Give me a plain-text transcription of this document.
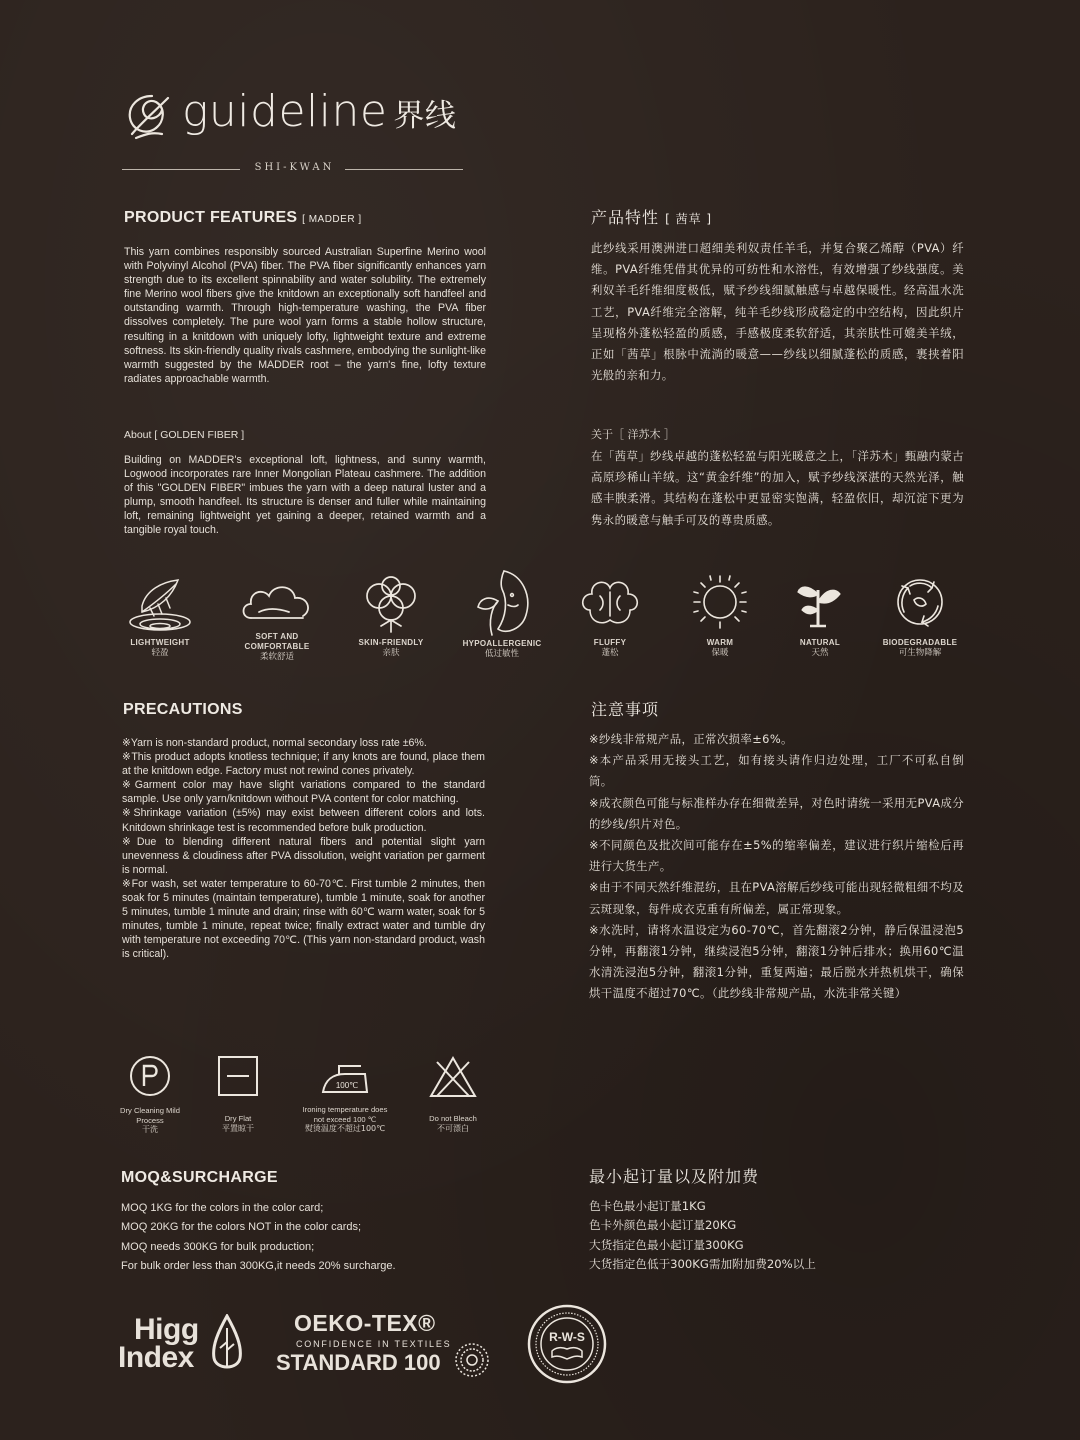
guideline 界线
SHI-KWAN
PRODUCT FEATURES [ MADDER ]	产品特性 [ 茜草 ]
This yarn combines responsibly sourced Australian Superfine Merino wool with Polyvinyl Alcohol (PVA) fiber. The PVA fiber significantly enhances yarn strength due to its excellent spinnability and water solubility. The extremely fine Merino wool fibers give the knitdown an exceptionally soft handfeel and outstanding warmth. Through high-temperature washing, the PVA fiber dissolves completely. The pure wool yarn forms a stable hollow structure, resulting in a knitdown with uniquely lofty, lightweight texture and extreme softness. Its skin-friendly quality rivals cashmere, embodying the sunlight-like warmth suggested by the MADDER root – the yarn's fine, lofty texture radiates approachable warmth.
此纱线采用澳洲进口超细美利奴责任羊毛，并复合聚乙烯醇（PVA）纤维。PVA纤维凭借其优异的可纺性和水溶性，有效增强了纱线强度。美利奴羊毛纤维细度极低，赋予纱线细腻触感与卓越保暖性。经高温水洗工艺，PVA纤维完全溶解，纯羊毛纱线形成稳定的中空结构，因此织片呈现格外蓬松轻盈的质感，手感极度柔软舒适，其亲肤性可媲美羊绒，正如「茜草」根脉中流淌的暖意——纱线以细腻蓬松的质感，裹挟着阳光般的亲和力。
About [ GOLDEN FIBER ]	关于［ 洋苏木 ］
Building on MADDER's exceptional loft, lightness, and sunny warmth, Logwood incorporates rare Inner Mongolian Plateau cashmere. The addition of this "GOLDEN FIBER" imbues the yarn with a deep natural luster and a plump, smooth handfeel. Its structure is denser and fuller while maintaining loft, remaining lightweight yet gaining a deeper, retained warmth and a tangible royal touch.
在「茜草」纱线卓越的蓬松轻盈与阳光暖意之上，「洋苏木」甄融内蒙古高原珍稀山羊绒。这“黄金纤维”的加入，赋予纱线深湛的天然光泽，触感丰腴柔滑。其结构在蓬松中更显密实饱满，轻盈依旧，却沉淀下更为隽永的暖意与触手可及的尊贵质感。
LIGHTWEIGHT
轻盈
SOFT AND COMFORTABLE
柔软舒适
SKIN-FRIENDLY
亲肤
HYPOALLERGENIC
低过敏性
FLUFFY
蓬松
WARM
保暖
NATURAL
天然
BIODEGRADABLE
可生物降解
PRECAUTIONS	注意事项
※Yarn is non-standard product, normal secondary loss rate ±6%.
※This product adopts knotless technique; if any knots are found, place them at the knitdown edge. Factory must not rewind cones privately.
※Garment color may have slight variations compared to the standard sample. Use only yarn/knitdown without PVA content for color matching.
※Shrinkage variation (±5%) may exist between different colors and lots. Knitdown shrinkage test is recommended before bulk production.
※Due to blending different natural fibers and potential slight yarn unevenness & cloudiness after PVA dissolution, weight variation per garment is normal.
※For wash, set water temperature to 60-70℃. First tumble 2 minutes, then soak for 5 minutes (maintain temperature), tumble 1 minute, soak for another 5 minutes, tumble 1 minute and drain; rinse with 60℃ warm water, soak for 5 minutes, tumble 1 minute, repeat twice; finally extract water and tumble dry with temperature not exceeding 70℃. (This yarn non-standard product, wash is critical).
※纱线非常规产品，正常次损率±6%。
※本产品采用无接头工艺，如有接头请作归边处理，工厂不可私自倒筒。
※成衣颜色可能与标准样办存在细微差异，对色时请统一采用无PVA成分的纱线/织片对色。
※不同颜色及批次间可能存在±5%的缩率偏差，建议进行织片缩检后再进行大货生产。
※由于不同天然纤维混纺，且在PVA溶解后纱线可能出现轻微粗细不均及云斑现象，每件成衣克重有所偏差，属正常现象。
※水洗时，请将水温设定为60-70℃，首先翻滚2分钟，静后保温浸泡5分钟，再翻滚1分钟，继续浸泡5分钟，翻滚1分钟后排水；换用60℃温水清洗浸泡5分钟，翻滚1分钟，重复两遍；最后脱水并热机烘干，确保烘干温度不超过70℃。（此纱线非常规产品，水洗非常关键）
Dry Cleaning Mild Process
干洗
Dry Flat
平置晾干
100℃
Ironing temperature does not exceed 100 ℃
熨烫温度不超过100℃
Do not Bleach
不可漂白
MOQ&SURCHARGE	最小起订量以及附加费
MOQ 1KG for the colors in the color card;
MOQ 20KG for the colors NOT in the color cards;
MOQ needs 300KG for bulk production;
For bulk order less than 300KG,it needs 20% surcharge.
色卡色最小起订量1KG
色卡外颜色最小起订量20KG
大货指定色最小起订量300KG
大货指定色低于300KG需加附加费20%以上
Higg
Index
OEKO-TEX®
CONFIDENCE IN TEXTILES
STANDARD 100
R-W-S
